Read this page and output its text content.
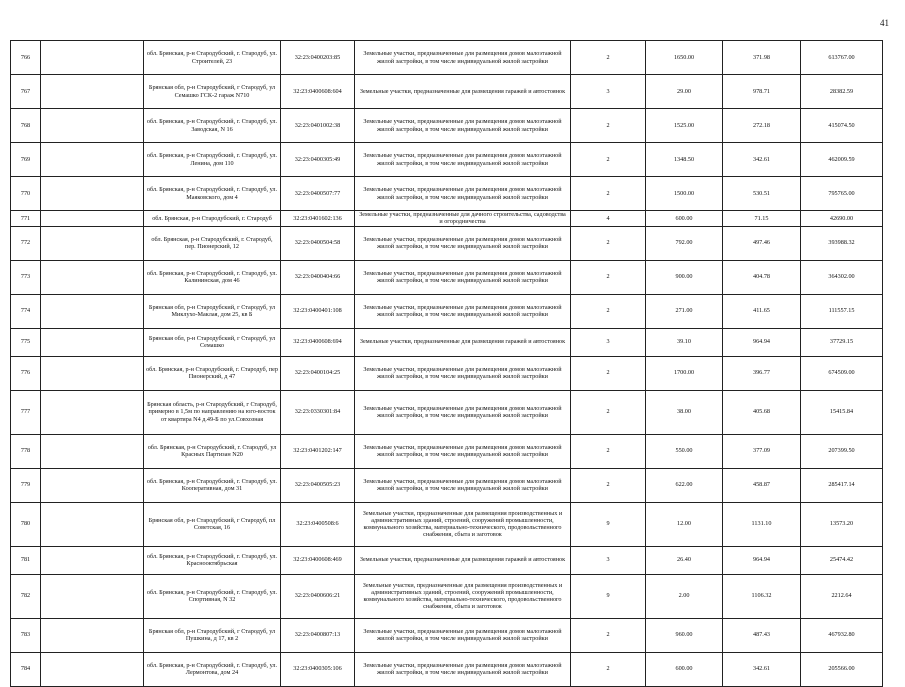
41
766		обл. Брянская, р-н Стародубский, г. Стародуб, ул. Строителей, 23	32:23:0400203:85	Земельные участки, предназначенные для размещения домов малоэтажной жилой застройки, в том числе индивидуальной жилой застройки	2	1650.00	371.98	613767.00
767		Брянская обл, р-н Стародубский, г Стародуб, ул Семашко ГСК-2 гараж N710	32:23:0400608:604	Земельные участки, предназначенные для размещения гаражей и автостоянок	3	29.00	978.71	28382.59
768		обл. Брянская, р-н Стародубский, г. Стародуб, ул. Заводская, N 16	32:23:0401002:38	Земельные участки, предназначенные для размещения домов малоэтажной жилой застройки, в том числе индивидуальной жилой застройки	2	1525.00	272.18	415074.50
769		обл. Брянская, р-н Стародубский, г. Стародуб, ул. Ленина, дом 110	32:23:0400305:49	Земельные участки, предназначенные для размещения домов малоэтажной жилой застройки, в том числе индивидуальной жилой застройки	2	1348.50	342.61	462009.59
770		обл. Брянская, р-н Стародубский, г. Стародуб, ул. Маяковского, дом 4	32:23:0400507:77	Земельные участки, предназначенные для размещения домов малоэтажной жилой застройки, в том числе индивидуальной жилой застройки	2	1500.00	530.51	795765.00
771		обл. Брянская, р-н Стародубский, г. Стародуб	32:23:0401602:136	Земельные участки, предназначенные для дачного строительства, садоводства и огородничества	4	600.00	71.15	42690.00
772		обл. Брянская, р-н Стародубский, г. Стародуб, пер. Пионерский, 12	32:23:0400504:58	Земельные участки, предназначенные для размещения домов малоэтажной жилой застройки, в том числе индивидуальной жилой застройки	2	792.00	497.46	393988.32
773		обл. Брянская, р-н Стародубский, г. Стародуб, ул. Калининская, дом 46	32:23:0400404:66	Земельные участки, предназначенные для размещения домов малоэтажной жилой застройки, в том числе индивидуальной жилой застройки	2	900.00	404.78	364302.00
774		Брянская обл, р-н Стародубский, г Стародуб, ул Миклухо-Маклая, дом 25, кв Б	32:23:0400401:108	Земельные участки, предназначенные для размещения домов малоэтажной жилой застройки, в том числе индивидуальной жилой застройки	2	271.00	411.65	111557.15
775		Брянская обл, р-н Стародубский, г Стародуб, ул Семашко	32:23:0400608:694	Земельные участки, предназначенные для размещения гаражей и автостоянок	3	39.10	964.94	37729.15
776		обл. Брянская, р-н Стародубский, г. Стародуб, пер Пионерский, д 47	32:23:0400104:25	Земельные участки, предназначенные для размещения домов малоэтажной жилой застройки, в том числе индивидуальной жилой застройки	2	1700.00	396.77	674509.00
777		Брянская область, р-н Стародубский, г Стародуб, примерно в 1,5м по направлению на юго-восток от квартира N4 д.49-Б по ул.Совхозная	32:23:0330301:84	Земельные участки, предназначенные для размещения домов малоэтажной жилой застройки, в том числе индивидуальной жилой застройки	2	38.00	405.68	15415.84
778		обл. Брянская, р-н Стародубский, г. Стародуб, ул Красных Партизан N20	32:23:0401202:147	Земельные участки, предназначенные для размещения домов малоэтажной жилой застройки, в том числе индивидуальной жилой застройки	2	550.00	377.09	207399.50
779		обл. Брянская, р-н Стародубский, г. Стародуб, ул. Кооперативная, дом 31	32:23:0400505:23	Земельные участки, предназначенные для размещения домов малоэтажной жилой застройки, в том числе индивидуальной жилой застройки	2	622.00	458.87	285417.14
780		Брянская обл, р-н Стародубский, г Стародуб, пл Советская, 16	32:23:0400508:6	Земельные участки, предназначенные для размещения производственных и административных зданий, строений, сооружений промышленности, коммунального хозяйства, материально-технического, продовольственного снабжения, сбыта и заготовок	9	12.00	1131.10	13573.20
781		обл. Брянская, р-н Стародубский, г. Стародуб, ул. Краснооктябрьская	32:23:0400608:469	Земельные участки, предназначенные для размещения гаражей и автостоянок	3	26.40	964.94	25474.42
782		обл. Брянская, р-н Стародубский, г. Стародуб, ул. Спортивная, N 32	32:23:0400606:21	Земельные участки, предназначенные для размещения производственных и административных зданий, строений, сооружений промышленности, коммунального хозяйства, материально-технического, продовольственного снабжения, сбыта и заготовок	9	2.00	1106.32	2212.64
783		Брянская обл, р-н Стародубский, г Стародуб, ул Пушкина, д 17, кв 2	32:23:0400807:13	Земельные участки, предназначенные для размещения домов малоэтажной жилой застройки, в том числе индивидуальной жилой застройки	2	960.00	487.43	467932.80
784		обл. Брянская, р-н Стародубский, г. Стародуб, ул. Лермонтова, дом 24	32:23:0400305:106	Земельные участки, предназначенные для размещения домов малоэтажной жилой застройки, в том числе индивидуальной жилой застройки	2	600.00	342.61	205566.00
